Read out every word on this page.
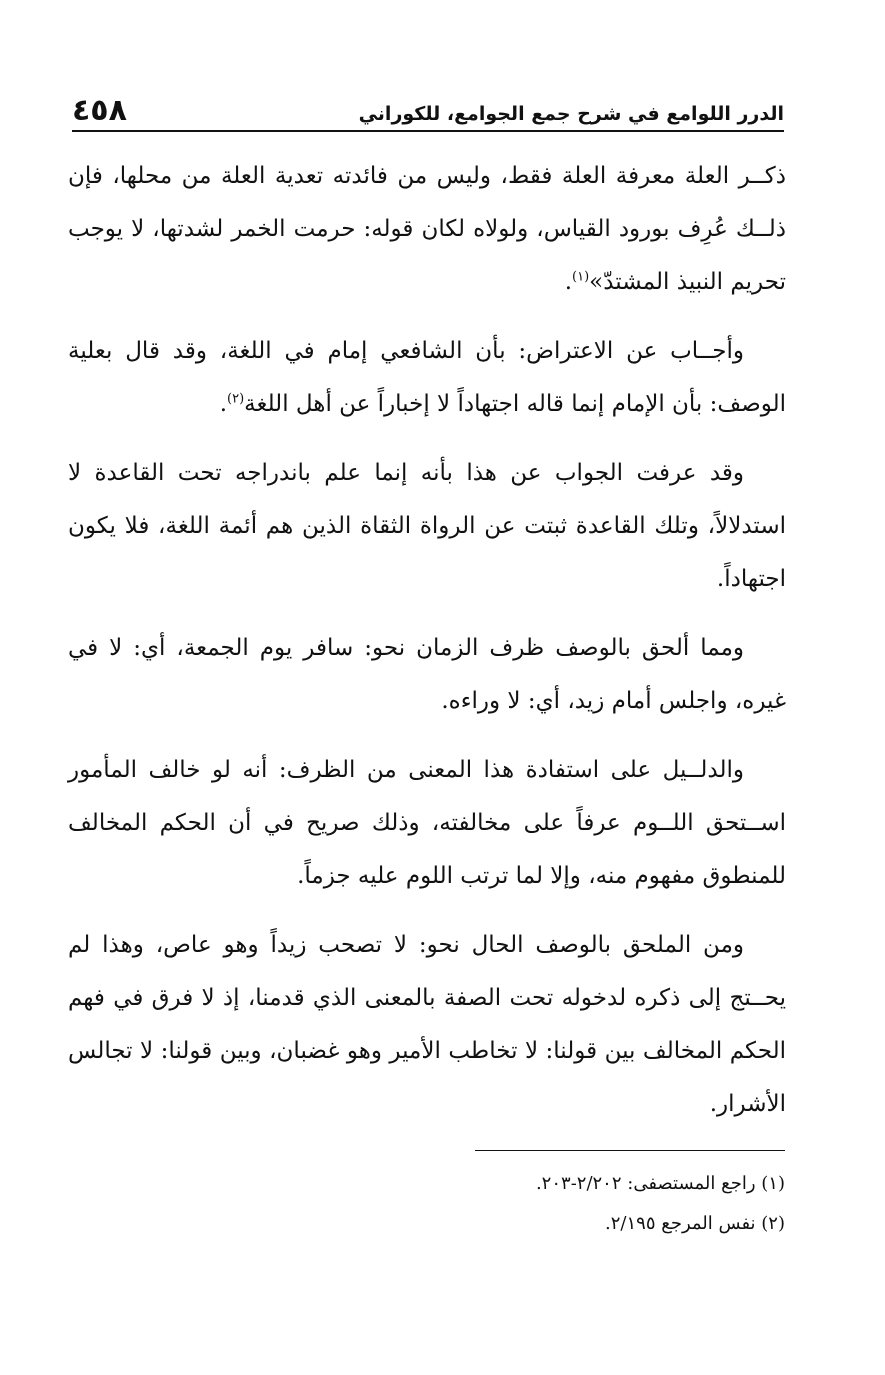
الدرر اللوامع في شرح جمع الجوامع، للكوراني
٤٥٨

ذكــر العلة معرفة العلة فقط، وليس من فائدته تعدية العلة من محلها، فإن ذلــك عُرِف بورود القياس، ولولاه لكان قوله: حرمت الخمر لشدتها، لا يوجب تحريم النبيذ المشتدّ»$^{(١)}$.

وأجــاب عن الاعتراض: بأن الشافعي إمام في اللغة، وقد قال بعلية الوصف: بأن الإمام إنما قاله اجتهاداً لا إخباراً عن أهل اللغة$^{(٢)}$.

وقد عرفت الجواب عن هذا بأنه إنما علم باندراجه تحت القاعدة لا استدلالاً، وتلك القاعدة ثبتت عن الرواة الثقاة الذين هم أئمة اللغة، فلا يكون اجتهاداً.

ومما ألحق بالوصف ظرف الزمان نحو: سافر يوم الجمعة، أي: لا في غيره، واجلس أمام زيد، أي: لا وراءه.

والدلــيل على استفادة هذا المعنى من الظرف: أنه لو خالف المأمور اســتحق اللــوم عرفاً على مخالفته، وذلك صريح في أن الحكم المخالف للمنطوق مفهوم منه، وإلا لما ترتب اللوم عليه جزماً.

ومن الملحق بالوصف الحال نحو: لا تصحب زيداً وهو عاص، وهذا لم يحــتج إلى ذكره لدخوله تحت الصفة بالمعنى الذي قدمنا، إذ لا فرق في فهم الحكم المخالف بين قولنا: لا تخاطب الأمير وهو غضبان، وبين قولنا: لا تجالس الأشرار.

(١) راجع المستصفى: ٢/٢٠٢-٢٠٣.
(٢) نفس المرجع ٢/١٩٥.
